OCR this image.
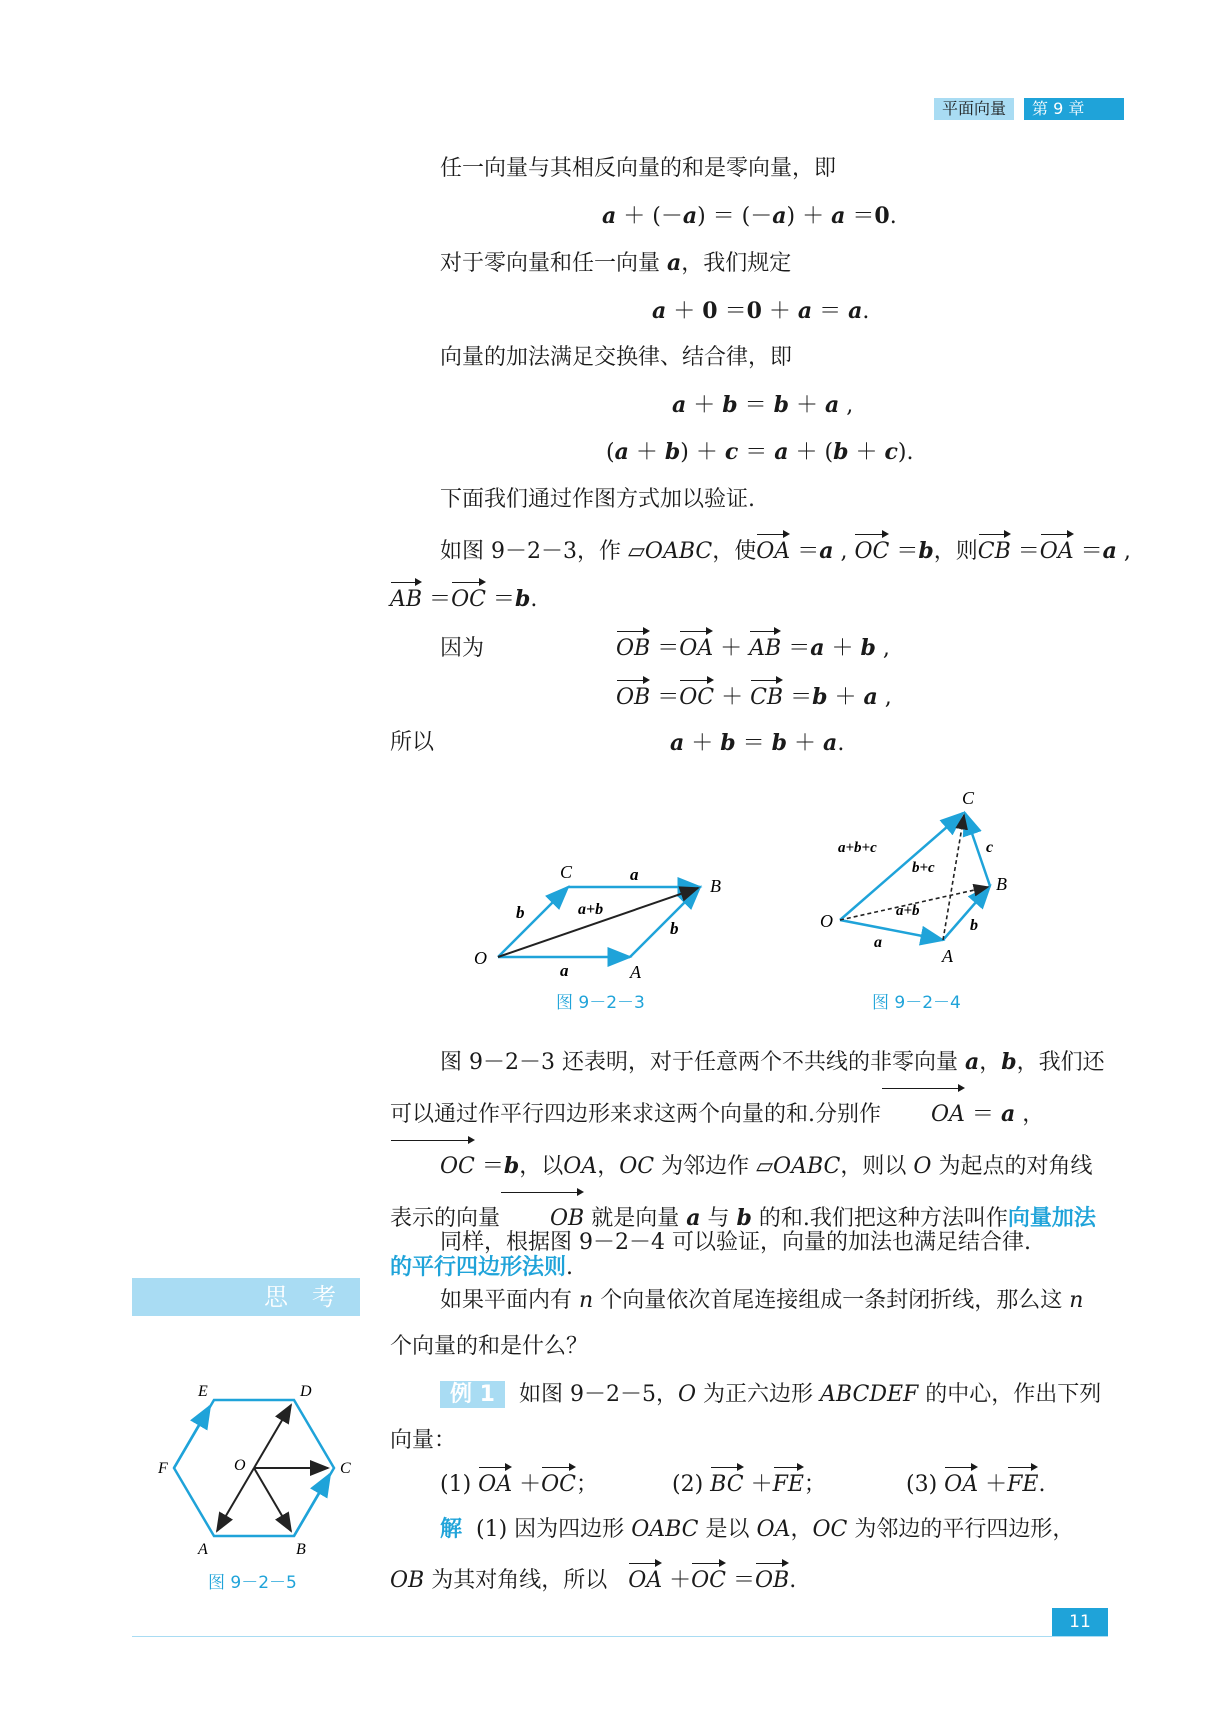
平面向量	第 9 章
任一向量与其相反向量的和是零向量，即
a ＋ (－a) ＝ (－a) ＋ a ＝0.
对于零向量和任一向量 a，我们规定
a ＋ 0 ＝0 ＋ a ＝ a.
向量的加法满足交换律、结合律，即
a ＋ b ＝ b ＋ a ,
(a ＋ b) ＋ c ＝ a ＋ (b ＋ c).
下面我们通过作图方式加以验证.
如图 9－2－3，作 ▱OABC，使OA ＝a , OC ＝b，则CB ＝OA ＝a ,
AB ＝OC ＝b.
因为	OB ＝OA ＋ AB ＝a ＋ b ,
OB ＝OC ＋ CB ＝b ＋ a ,
所以	a ＋ b ＝ b ＋ a.
O
A
B
C
a
a
b
b
a+b
图 9－2－3
O
A
B
C
a
b
c
a+b
b+c
a+b+c
图 9－2－4
图 9－2－3 还表明，对于任意两个不共线的非零向量 a，b，我们还可以通过作平行四边形来求这两个向量的和.分别作 OA ＝ a ，OC ＝b，以OA，OC 为邻边作 ▱OABC，则以 O 为起点的对角线表示的向量 OB 就是向量 a 与 b 的和.我们把这种方法叫作向量加法的平行四边形法则.
同样，根据图 9－2－4 可以验证，向量的加法也满足结合律.
思考	如果平面内有 n 个向量依次首尾连接组成一条封闭折线，那么这 n 个向量的和是什么？
例 1 如图 9－2－5，O 为正六边形 ABCDEF 的中心，作出下列向量：
(1) OA ＋OC；	(2) BC ＋FE；	(3) OA ＋FE.
解 (1) 因为四边形 OABC 是以 OA，OC 为邻边的平行四边形，
OB 为其对角线，所以 OA ＋OC ＝OB.
A	B
C
D
E
F	O
图 9－2－5
11
